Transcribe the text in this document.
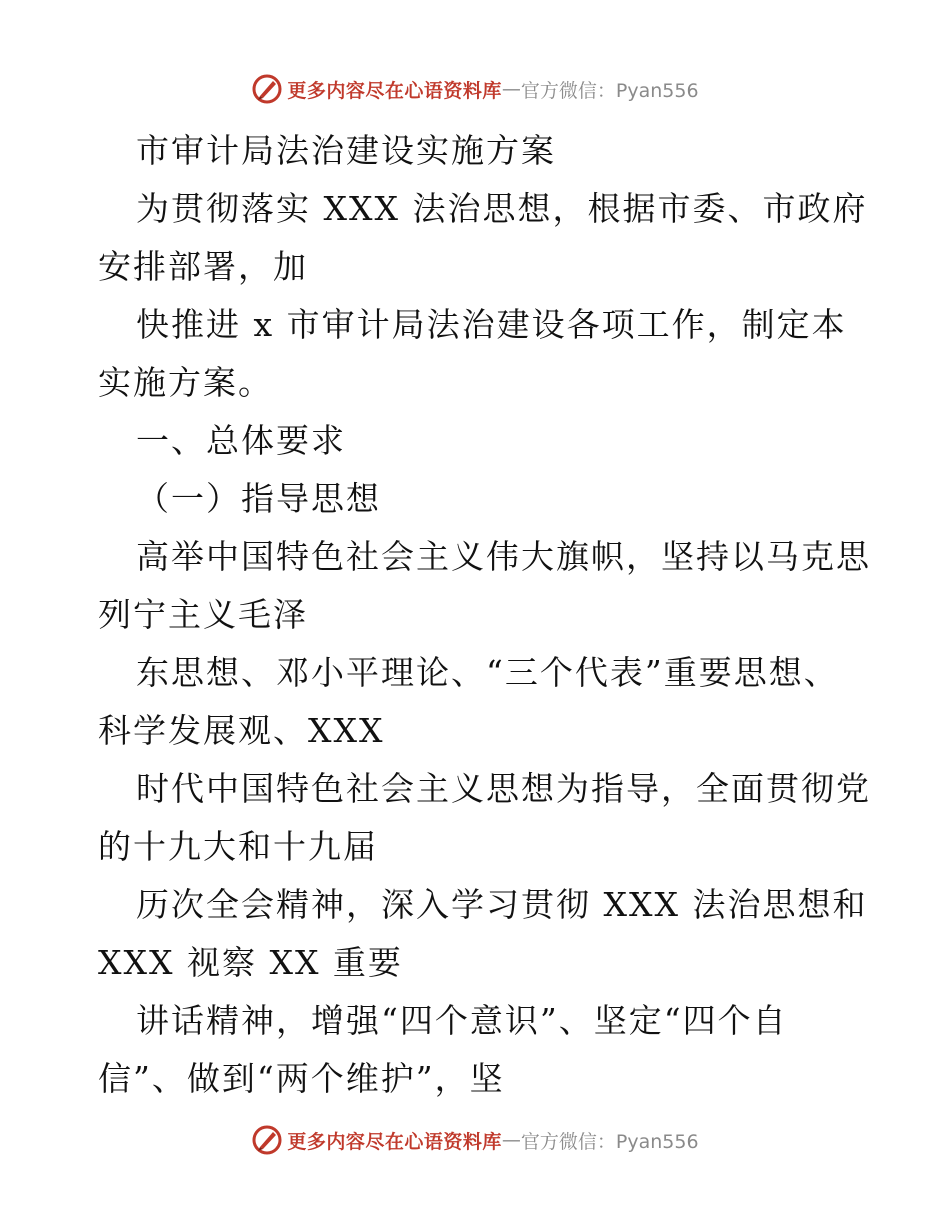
更多内容尽在心语资料库 — 官方微信：Pyan556
市审计局法治建设实施方案
为贯彻落实 XXX 法治思想，根据市委、市政府
安排部署，加
快推进 x 市审计局法治建设各项工作，制定本
实施方案。
一、总体要求
（一）指导思想
高举中国特色社会主义伟大旗帜，坚持以马克思
列宁主义毛泽
东思想、邓小平理论、“三个代表”重要思想、
科学发展观、XXX
时代中国特色社会主义思想为指导，全面贯彻党
的十九大和十九届
历次全会精神，深入学习贯彻 XXX 法治思想和
XXX 视察 XX 重要
讲话精神，增强“四个意识”、坚定“四个自
信”、做到“两个维护”，坚
更多内容尽在心语资料库 — 官方微信：Pyan556
